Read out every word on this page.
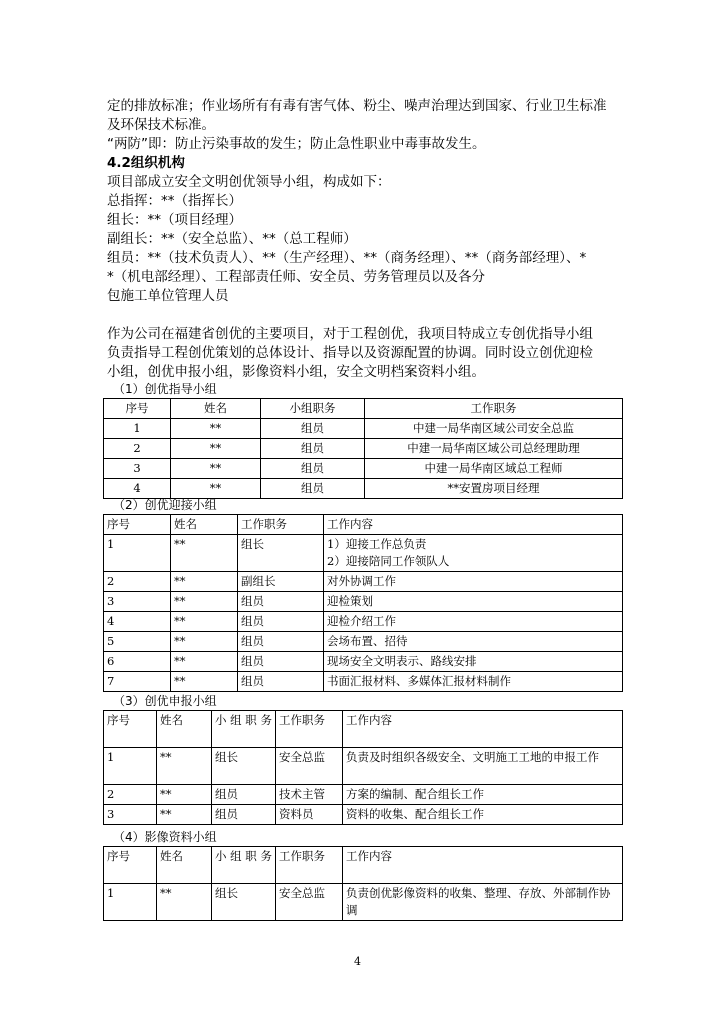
定的排放标准；作业场所有有毒有害气体、粉尘、噪声治理达到国家、行业卫生标准
及环保技术标准。
“两防”即：防止污染事故的发生；防止急性职业中毒事故发生。
4.2组织机构
项目部成立安全文明创优领导小组，构成如下：
总指挥：**（指挥长）
组长：**（项目经理）
副组长：**（安全总监）、**（总工程师）
组员：**（技术负责人）、**（生产经理）、**（商务经理）、**（商务部经理）、*
*（机电部经理）、工程部责任师、安全员、劳务管理员以及各分
包施工单位管理人员
作为公司在福建省创优的主要项目，对于工程创优，我项目特成立专创优指导小组
负责指导工程创优策划的总体设计、指导以及资源配置的协调。同时设立创优迎检
小组，创优申报小组，影像资料小组，安全文明档案资料小组。
（1）创优指导小组
序号	姓名	小组职务	工作职务
1	**	组员	中建一局华南区域公司安全总监
2	**	组员	中建一局华南区域公司总经理助理
3	**	组员	中建一局华南区域总工程师
4	**	组员	**安置房项目经理
（2）创优迎接小组
序号	姓名	工作职务	工作内容
1	**	组长	1）迎接工作总负责
2）迎接陪同工作领队人

2	**	副组长	对外协调工作
3	**	组员	迎检策划
4	**	组员	迎检介绍工作
5	**	组员	会场布置、招待
6	**	组员	现场安全文明表示、路线安排
7	**	组员	书面汇报材料、多媒体汇报材料制作
（3）创优申报小组
序号	姓名	小 组 职 务	工作职务	工作内容
1	**	组长	安全总监	负责及时组织各级安全、文明施工工地的申报工作
2	**	组员	技术主管	方案的编制、配合组长工作
3	**	组员	资料员	资料的收集、配合组长工作
（4）影像资料小组
序号	姓名	小 组 职 务	工作职务	工作内容
1	**	组长	安全总监	负责创优影像资料的收集、整理、存放、外部制作协调
4
